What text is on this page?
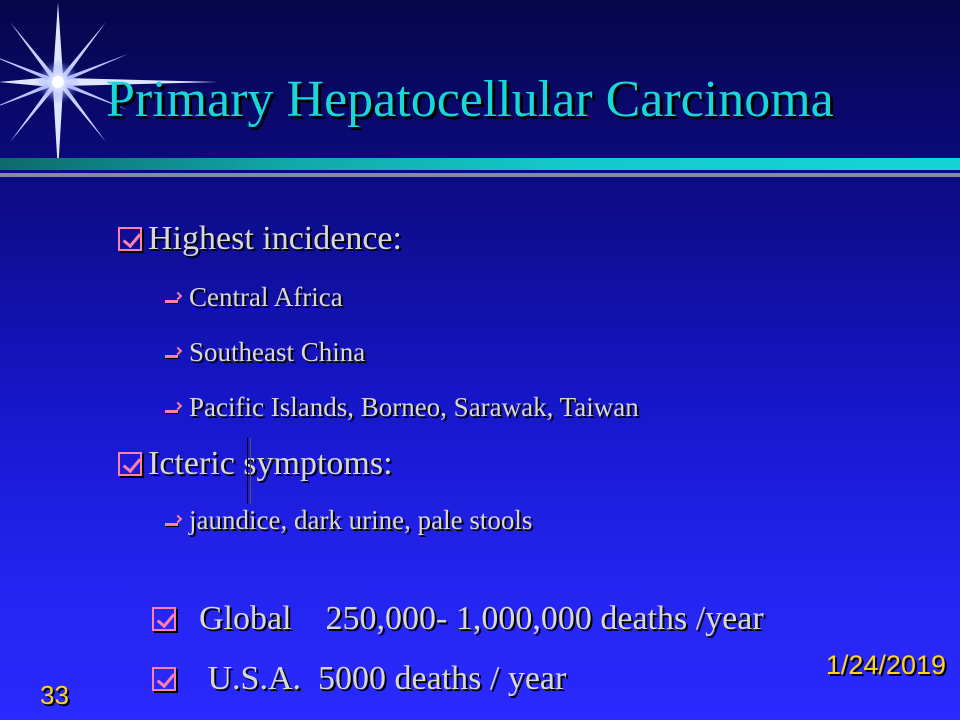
Primary Hepatocellular Carcinoma
Highest incidence:
Central Africa
Southeast China
Pacific Islands, Borneo, Sarawak, Taiwan
Icteric symptoms:
jaundice, dark urine, pale stools

Global    250,000- 1,000,000 deaths /year

U.S.A.  5000 deaths / year
	1/24/2019
33
